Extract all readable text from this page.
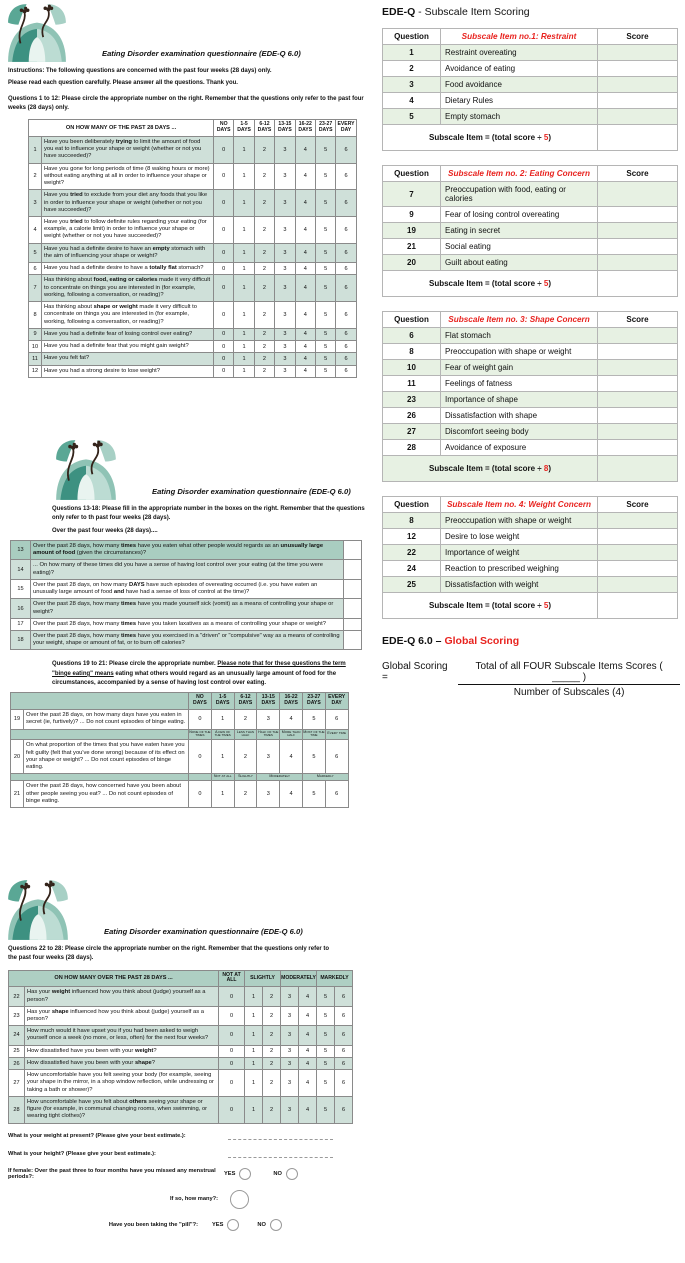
Eating Disorder examination questionnaire (EDE-Q 6.0)

Instructions: The following questions are concerned with the past four weeks (28 days) only.

Please read each question carefully. Please answer all the questions. Thank you.

Questions 1 to 12: Please circle the appropriate number on the right. Remember that the questions only refer to the past four weeks (28 days) only.

ON HOW MANY OF THE PAST 28 DAYS ...		NO DAYS	1-5 DAYS	6-12 DAYS	13-15 DAYS	16-22 DAYS	23-27 DAYS	EVERY DAY
1	Have you been deliberately trying to limit the amount of food you eat to influence your shape or weight (whether or not you have succeeded)?	0	1	2	3	4	5	6
2	Have you gone for long periods of time (8 waking hours or more) without eating anything at all in order to influence your shape or weight?	0	1	2	3	4	5	6
3	Have you tried to exclude from your diet any foods that you like in order to influence your shape or weight (whether or not you have succeeded)?	0	1	2	3	4	5	6
4	Have you tried to follow definite rules regarding your eating (for example, a calorie limit) in order to influence your shape or weight (whether or not you have succeeded)?	0	1	2	3	4	5	6
5	Have you had a definite desire to have an empty stomach with the aim of influencing your shape or weight?	0	1	2	3	4	5	6
6	Have you had a definite desire to have a totally flat stomach?	0	1	2	3	4	5	6
7	Has thinking about food, eating or calories made it very difficult to concentrate on things you are interested in (for example, working, following a conversation, or reading)?	0	1	2	3	4	5	6
8	Has thinking about shape or weight made it very difficult to concentrate on things you are interested in (for example, working, following a conversation, or reading)?	0	1	2	3	4	5	6
9	Have you had a definite fear of losing control over eating?	0	1	2	3	4	5	6
10	Have you had a definite fear that you might gain weight?	0	1	2	3	4	5	6
11	Have you felt fat?	0	1	2	3	4	5	6
12	Have you had a strong desire to lose weight?	0	1	2	3	4	5	6
Eating Disorder examination questionnaire (EDE-Q 6.0)

Questions 13-18: Please fill in the appropriate number in the boxes on the right. Remember that the questions only refer to th past four weeks (28 days).

Over the past four weeks (28 days)....

13	Over the past 28 days, how many times have you eaten what other people would regards as an unusually large amount of food (given the circumstances)?	
14	... On how many of these times did you have a sense of having lost control over your eating (at the time you were eating)?	
15	Over the past 28 days, on how many DAYS have such episodes of overeating occurred (i.e. you have eaten an unusually large amount of food and have had a sense of loss of control at the time)?	
16	Over the past 28 days, how many times have you made yourself sick (vomit) as a means of controlling your shape or weight?	
17	Over the past 28 days, how many times have you taken laxatives as a means of controlling your shape or weight?	
18	Over the past 28 days, how many times have you exercised in a "driven" or "compulsive" way as a means of controlling your weight, shape or amount of fat, or to burn off calories?	

Questions 19 to 21: Please circle the appropriate number. Please note that for these questions the term "binge eating" means eating what others would regard as an unusually large amount of food for the circumstances, accompanied by a sense of having lost control over eating.

		NO DAYS	1-5 DAYS	6-12 DAYS	13-15 DAYS	16-22 DAYS	23-27 DAYS	EVERY DAY
19	Over the past 28 days, on how many days have you eaten in secret (ie, furtively)? ... Do not count episodes of binge eating.	0	1	2	3	4	5	6
		None of the times	A few of the times	Less than half	Half of the times	More than half	Most of the time	Every time
20	On what proportion of the times that you have eaten have you felt guilty (felt that you've done wrong) because of its effect on your shape or weight? ... Do not count episodes of binge eating.	0	1	2	3	4	5	6
			Not at all	Slightly	Moderately		Markedly	
21	Over the past 28 days, how concerned have you been about other people seeing you eat? ... Do not count episodes of binge eating.	0	1	2	3	4	5	6
Eating Disorder examination questionnaire (EDE-Q 6.0)

Questions 22 to 28: Please circle the appropriate number on the right. Remember that the questions only refer to the past four weeks (28 days).

ON HOW MANY OVER THE PAST 28 DAYS ...		NOT AT ALL	SLIGHTLY		MODERATELY		MARKEDLY	
22	Has your weight influenced how you think about (judge) yourself as a person?	0	1	2	3	4	5	6
23	Has your shape influenced how you think about (judge) yourself as a person?	0	1	2	3	4	5	6
24	How much would it have upset you if you had been asked to weigh yourself once a week (no more, or less, often) for the next four weeks?	0	1	2	3	4	5	6
25	How dissatisfied have you been with your weight?	0	1	2	3	4	5	6
26	How dissatisfied have you been with your shape?	0	1	2	3	4	5	6
27	How uncomfortable have you felt seeing your body (for example, seeing your shape in the mirror, in a shop window reflection, while undressing or taking a bath or shower)?	0	1	2	3	4	5	6
28	How uncomfortable have you felt about others seeing your shape or figure (for example, in communal changing rooms, when swimming, or wearing tight clothes)?	0	1	2	3	4	5	6
What is your weight at present? (Please give your best estimate.):
What is your height? (Please give your best estimate.):
If female: Over the past three to four months have you missed any menstrual periods?:	YES	NO
If so, how many?:
Have you been taking the "pill"?:	YES	NO
EDE-Q - Subscale Item Scoring
Question	Subscale Item no.1: Restraint	Score
1	Restraint overeating	
2	Avoidance of eating	
3	Food avoidance	
4	Dietary Rules	
5	Empty stomach	
Subscale Item = (total score ÷ 5)		
Question	Subscale Item no. 2: Eating Concern	Score
7	Preoccupation with food, eating or calories	
9	Fear of losing control overeating	
19	Eating in secret	
21	Social eating	
20	Guilt about eating	
Subscale Item = (total score ÷ 5)		
Question	Subscale Item no. 3: Shape Concern	Score
6	Flat stomach	
8	Preoccupation with shape or weight	
10	Fear of weight gain	
11	Feelings of fatness	
23	Importance of shape	
26	Dissatisfaction with shape	
27	Discomfort seeing body	
28	Avoidance of exposure	
Subscale Item = (total score ÷ 8)		
Question	Subscale Item no. 4: Weight Concern	Score
8	Preoccupation with shape or weight	
12	Desire to lose weight	
22	Importance of weight	
24	Reaction to prescribed weighing	
25	Dissatisfaction with weight	
Subscale Item = (total score ÷ 5)		
EDE-Q 6.0 – Global Scoring
Global Scoring =
Total of all FOUR Subscale Items Scores ( _____ )
Number of Subscales (4)
